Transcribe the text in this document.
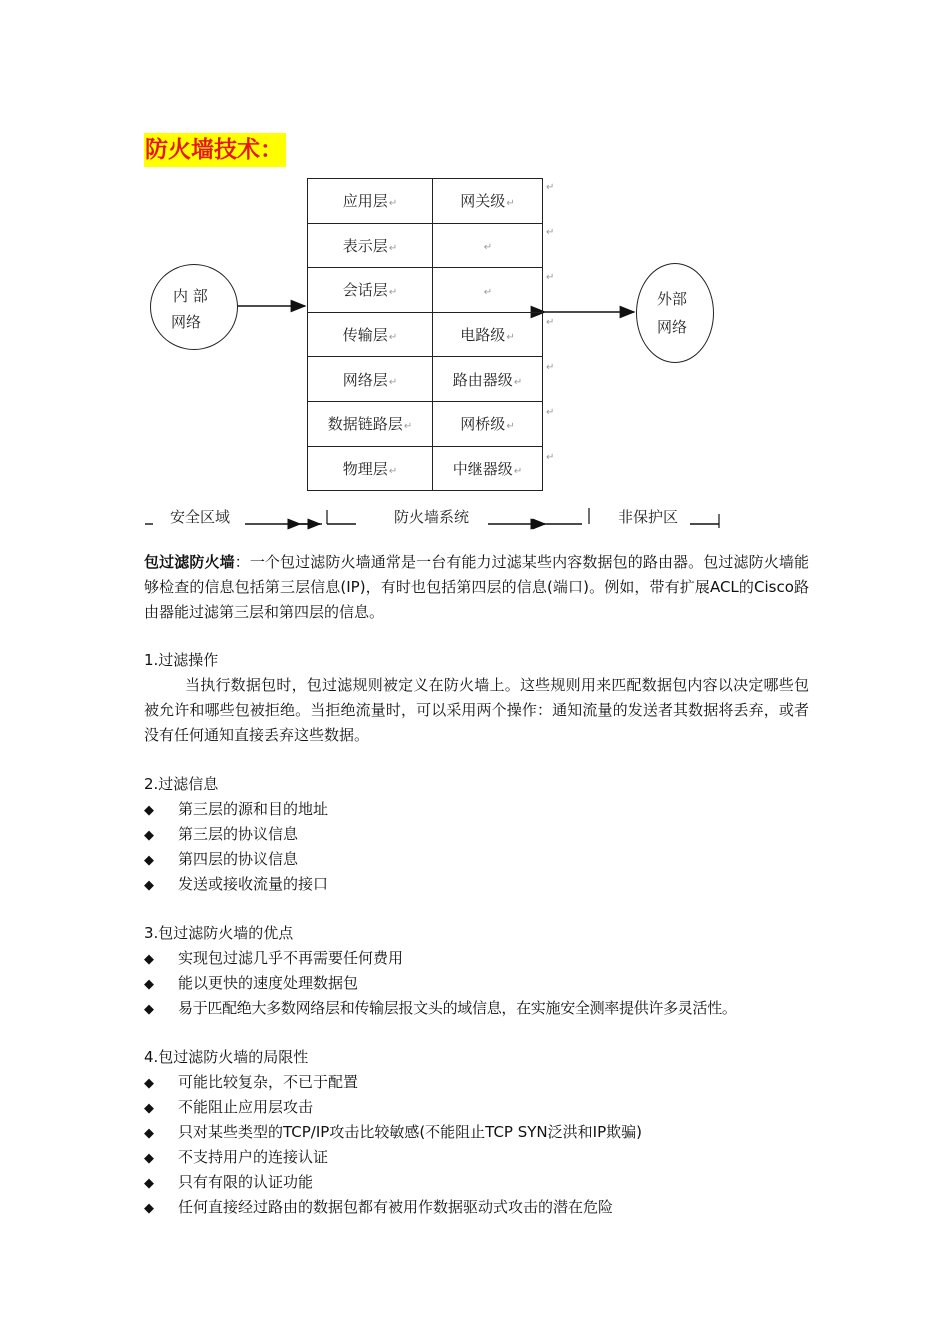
防火墙技术：
内 部
网络
外部
网络
应用层↵	网关级↵
表示层↵	↵
会话层↵	↵
传输层↵	电路级↵
网络层↵	路由器级↵
数据链路层↵	网桥级↵
物理层↵	中继器级↵
↵
↵
↵
↵
↵
↵
↵
安全区域	防火墙系统	非保护区
包过滤防火墙：一个包过滤防火墙通常是一台有能力过滤某些内容数据包的路由器。包过滤防火墙能够检查的信息包括第三层信息(IP)，有时也包括第四层的信息(端口)。例如，带有扩展ACL的Cisco路由器能过滤第三层和第四层的信息。
1.过滤操作
当执行数据包时，包过滤规则被定义在防火墙上。这些规则用来匹配数据包内容以决定哪些包被允许和哪些包被拒绝。当拒绝流量时，可以采用两个操作：通知流量的发送者其数据将丢弃，或者没有任何通知直接丢弃这些数据。
2.过滤信息
◆ 第三层的源和目的地址
◆ 第三层的协议信息
◆ 第四层的协议信息
◆ 发送或接收流量的接口
3.包过滤防火墙的优点
◆ 实现包过滤几乎不再需要任何费用
◆ 能以更快的速度处理数据包
◆ 易于匹配绝大多数网络层和传输层报文头的域信息，在实施安全测率提供许多灵活性。
4.包过滤防火墙的局限性
◆ 可能比较复杂，不已于配置
◆ 不能阻止应用层攻击
◆ 只对某些类型的TCP/IP攻击比较敏感(不能阻止TCP SYN泛洪和IP欺骗)
◆ 不支持用户的连接认证
◆ 只有有限的认证功能
◆ 任何直接经过路由的数据包都有被用作数据驱动式攻击的潜在危险
